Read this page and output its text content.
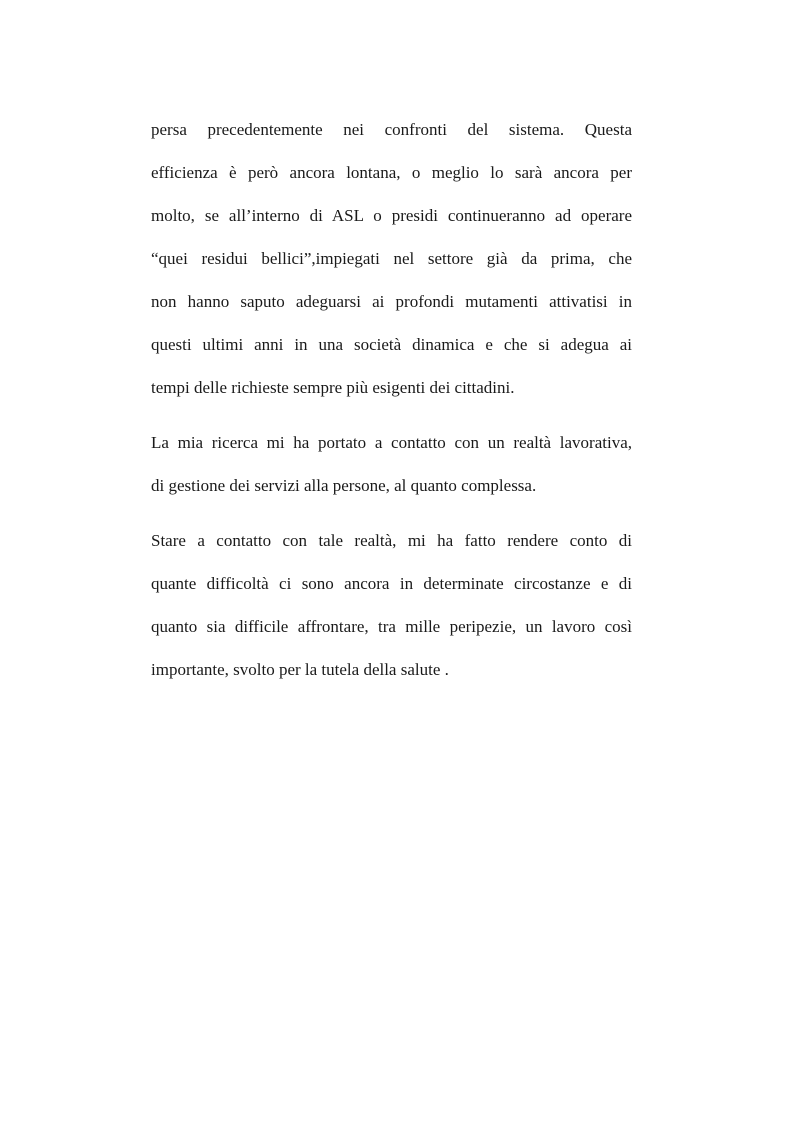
persa precedentemente nei confronti del sistema. Questa
efficienza è però ancora lontana, o meglio lo sarà ancora per
molto, se all’interno di ASL o presidi continueranno ad operare
“quei residui bellici”,impiegati nel settore già da prima, che
non hanno saputo adeguarsi ai profondi mutamenti attivatisi in
questi ultimi anni in una società dinamica e che si adegua ai
tempi delle richieste sempre più esigenti dei cittadini.
La mia ricerca mi ha portato a contatto con un realtà lavorativa,
di gestione dei servizi alla persone, al quanto complessa.
Stare a contatto con tale realtà, mi ha fatto rendere conto di
quante difficoltà ci sono ancora in determinate circostanze e di
quanto sia difficile affrontare, tra mille peripezie, un lavoro così
importante, svolto per la tutela della salute .
